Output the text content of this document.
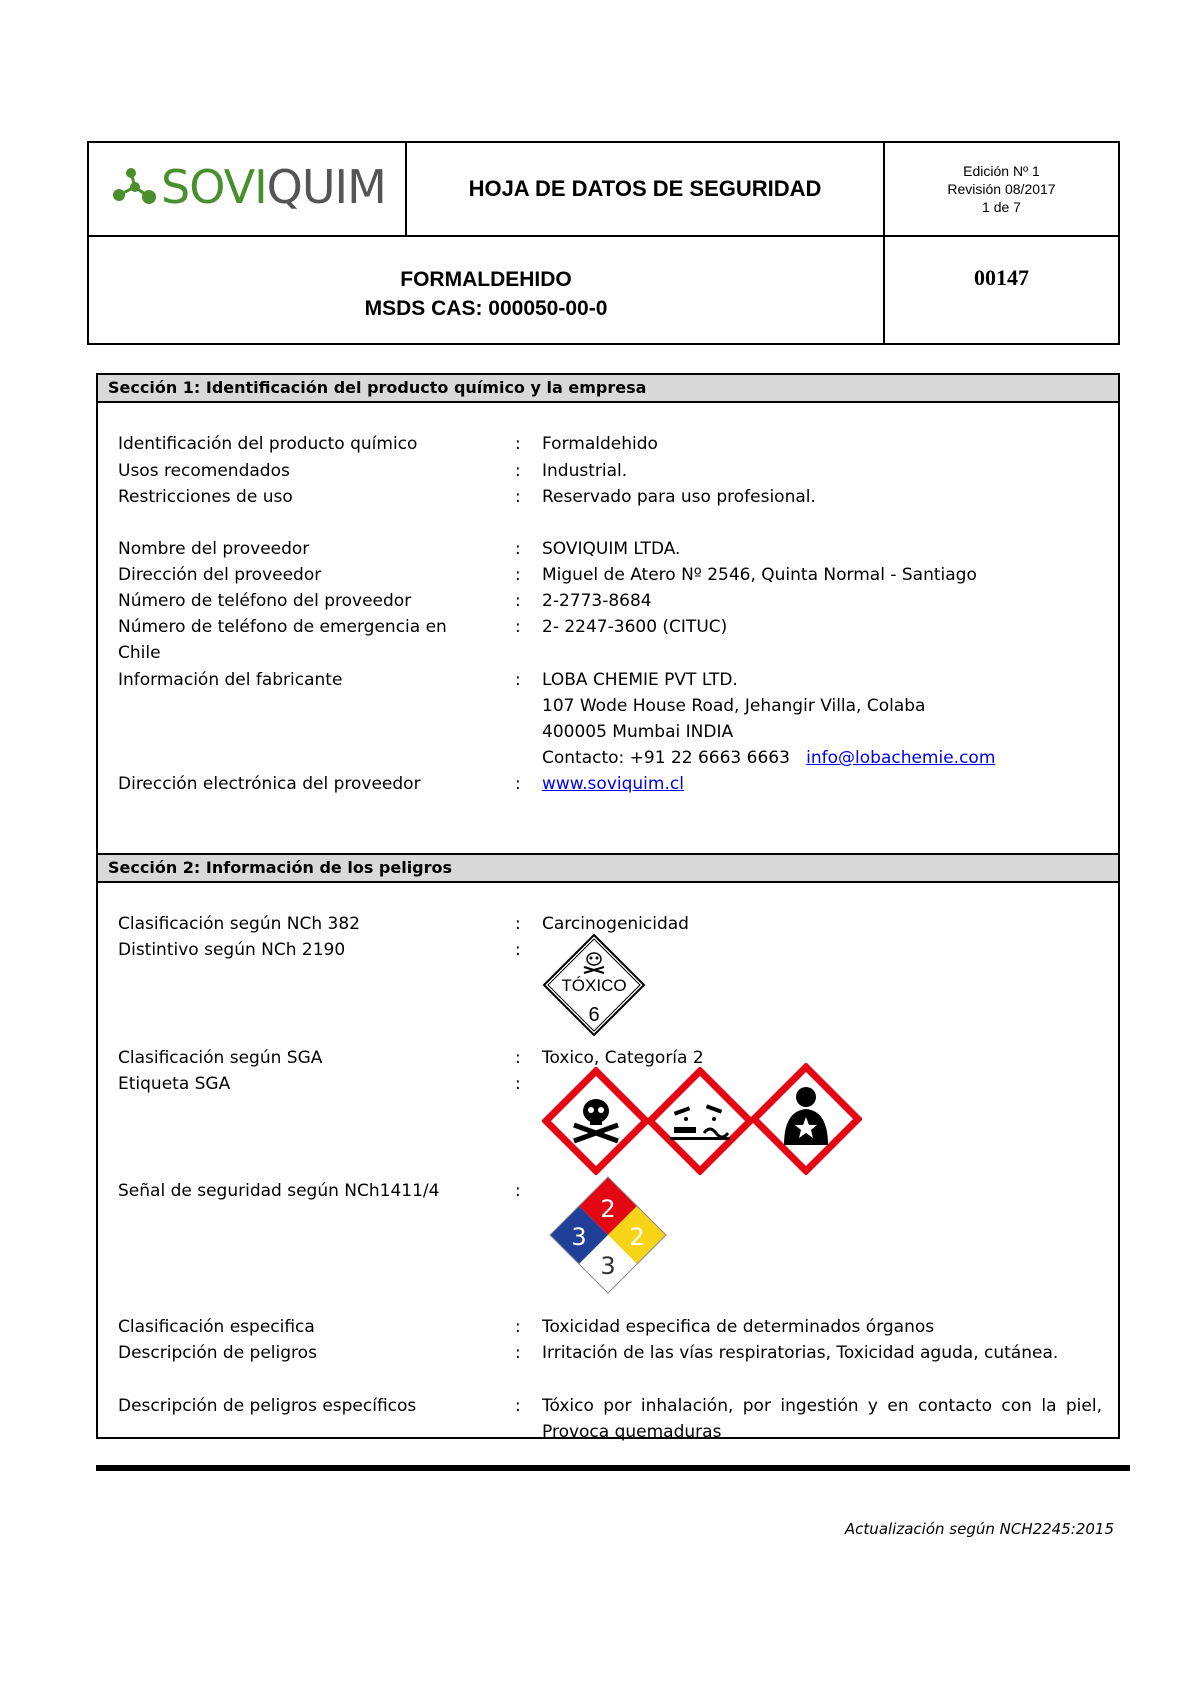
SOVIQUIM	HOJA DE DATOS DE SEGURIDAD
Edición Nº 1
Revisión 08/2017
1 de 7
FORMALDEHIDO
MSDS CAS: 000050-00-0
00147
Sección 1: Identificación del producto químico y la empresa
Identificación del producto químico	: Formaldehido
Usos recomendados	: Industrial.
Restricciones de uso	: Reservado para uso profesional.
Nombre del proveedor	: SOVIQUIM LTDA.
Dirección del proveedor	: Miguel de Atero Nº 2546, Quinta Normal - Santiago
Número de teléfono del proveedor	: 2-2773-8684
Número de teléfono de emergencia en Chile
: 2- 2247-3600 (CITUC)
Información del fabricante	: LOBA CHEMIE PVT LTD.
107 Wode House Road, Jehangir Villa, Colaba
400005 Mumbai INDIA
Contacto: +91 22 6663 6663 info@lobachemie.com
Dirección electrónica del proveedor	: www.soviquim.cl
Sección 2: Información de los peligros
Clasificación según NCh 382	: Carcinogenicidad
Distintivo según NCh 2190	:
TÓXICO
6
Clasificación según SGA	: Toxico, Categoría 2
Etiqueta SGA	:
Señal de seguridad según NCh1411/4	:
2
3 2
3
Clasificación especifica	: Toxicidad especifica de determinados órganos
Descripción de peligros	: Irritación de las vías respiratorias, Toxicidad aguda, cutánea.
Descripción de peligros específicos	: Tóxico por inhalación, por ingestión y en contacto con la piel, Provoca quemaduras
Actualización según NCH2245:2015
